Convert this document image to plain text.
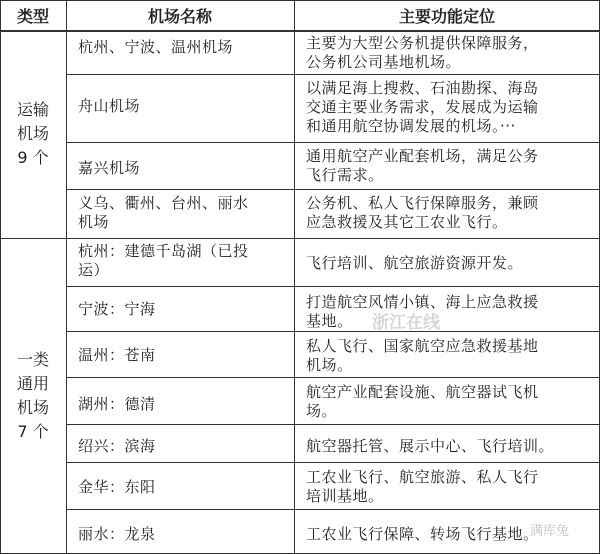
类型	机场名称	主要功能定位
运输
机场
9 个
一类
通用
机场
7 个
杭州、宁波、温州机场
舟山机场
嘉兴机场
义乌、衢州、台州、丽水
机场
杭州：建德千岛湖（已投
运）
宁波：宁海
温州：苍南
湖州：德清
绍兴：滨海
金华：东阳
丽水：龙泉
主要为大型公务机提供保障服务，
公务机公司基地机场。
以满足海上搜救、石油勘探、海岛
交通主要业务需求，发展成为运输
和通用航空协调发展的机场。···
通用航空产业配套机场，满足公务
飞行需求。
公务机、私人飞行保障服务，兼顾
应急救援及其它工农业飞行。
飞行培训、航空旅游资源开发。
打造航空风情小镇、海上应急救援
基地。
私人飞行、国家航空应急救援基地
机场。
航空产业配套设施、航空器试飞机
场。
航空器托管、展示中心、飞行培训。
工农业飞行、航空旅游、私人飞行
培训基地。
工农业飞行保障、转场飞行基地。
浙江在线
满库兔
